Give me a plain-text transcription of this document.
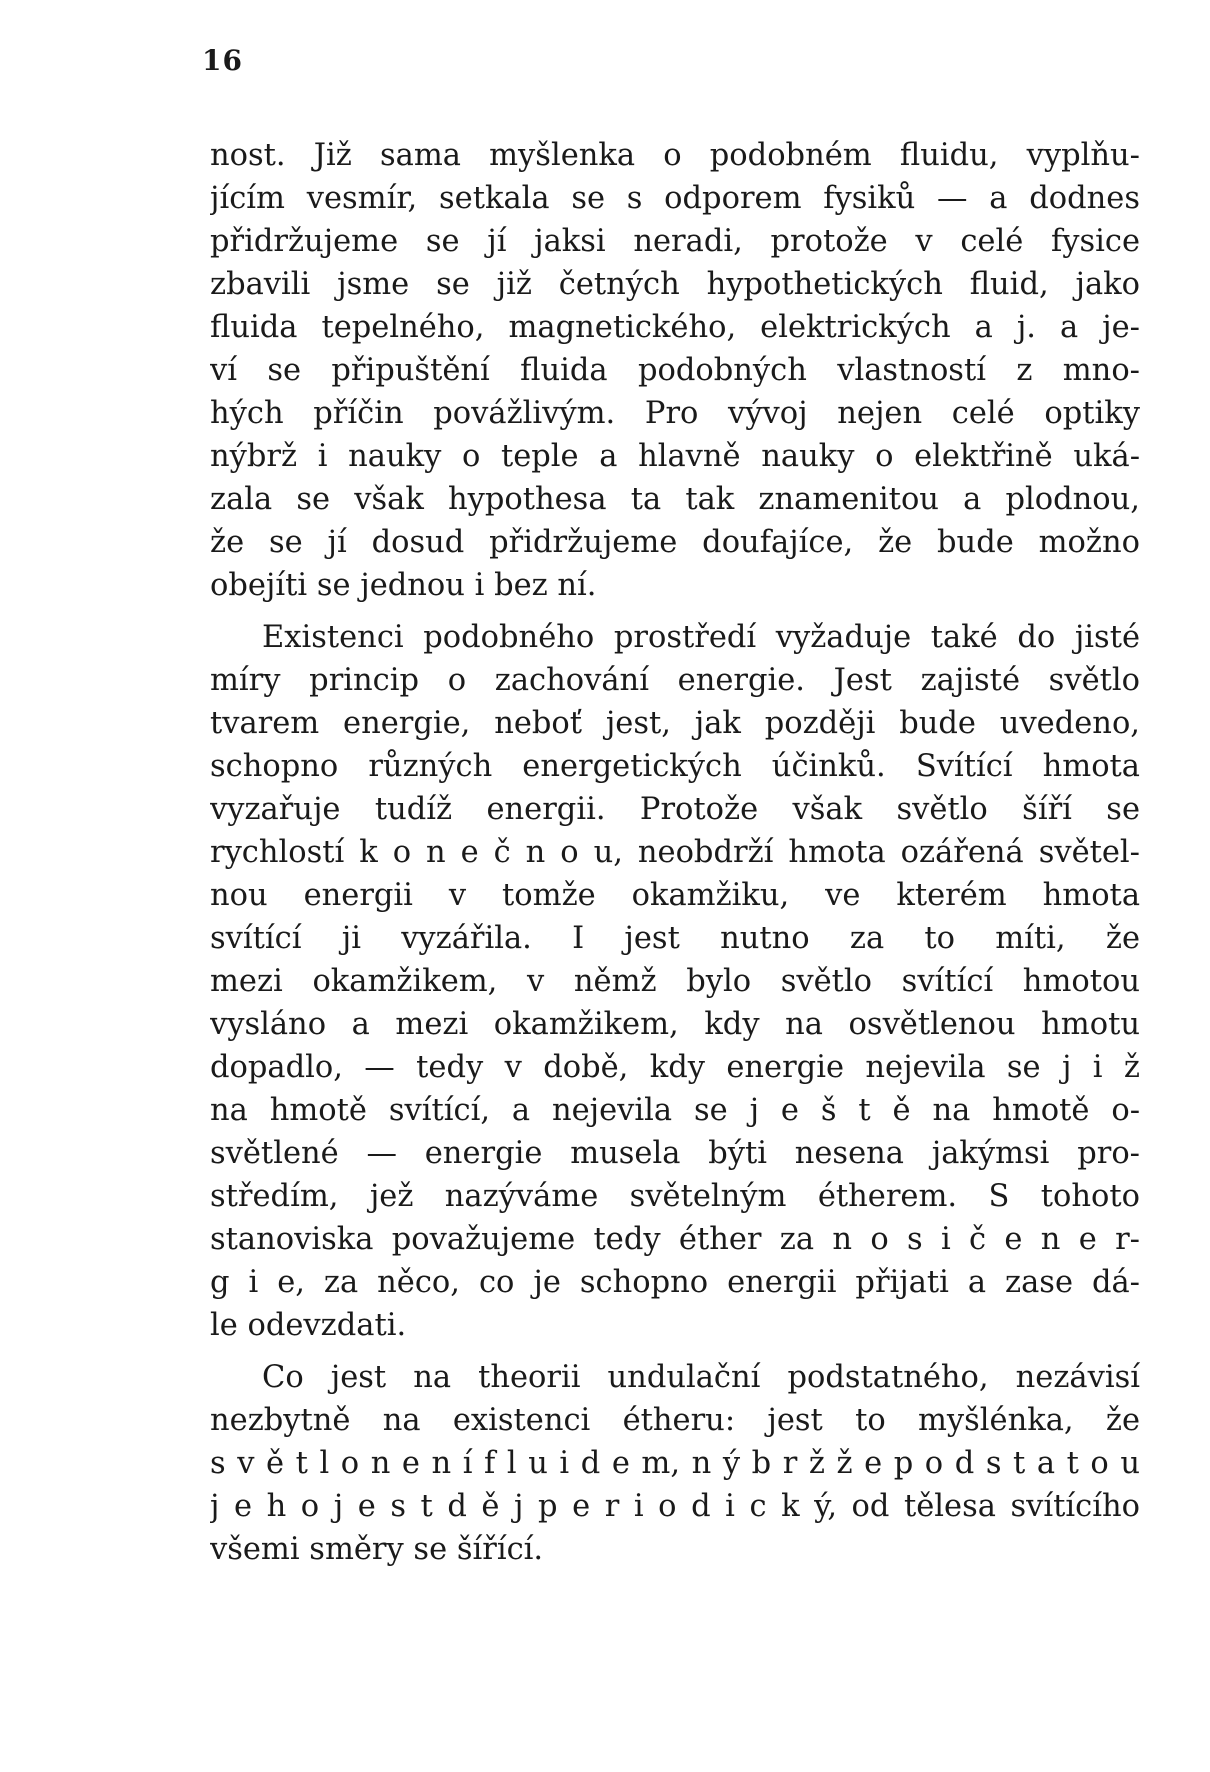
16
nost. Již sama myšlenka o podobném fluidu, vyplňu-
jícím vesmír, setkala se s odporem fysiků — a dodnes
přidržujeme se jí jaksi neradi, protože v celé fysice
zbavili jsme se již četných hypothetických fluid, jako
fluida tepelného, magnetického, elektrických a j. a je-
ví se připuštění fluida podobných vlastností z mno-
hých příčin povážlivým. Pro vývoj nejen celé optiky
nýbrž i nauky o teple a hlavně nauky o elektřině uká-
zala se však hypothesa ta tak znamenitou a plodnou,
že se jí dosud přidržujeme doufajíce, že bude možno
obejíti se jednou i bez ní.
Existenci podobného prostředí vyžaduje také do jisté
míry princip o zachování energie. Jest zajisté světlo
tvarem energie, neboť jest, jak později bude uvedeno,
schopno různých energetických účinků. Svítící hmota
vyzařuje tudíž energii. Protože však světlo šíří se
rychlostí k o n e č n o u, neobdrží hmota ozářená světel-
nou energii v tomže okamžiku, ve kterém hmota
svítící ji vyzářila. I jest nutno za to míti, že
mezi okamžikem, v němž bylo světlo svítící hmotou
vysláno a mezi okamžikem, kdy na osvětlenou hmotu
dopadlo, — tedy v době, kdy energie nejevila se j i ž
na hmotě svítící, a nejevila se j e š t ě na hmotě o-
světlené — energie musela býti nesena jakýmsi pro-
středím, jež nazýváme světelným étherem. S tohoto
stanoviska považujeme tedy éther za n o s i č e n e r-
g i e, za něco, co je schopno energii přijati a zase dá-
le odevzdati.
Co jest na theorii undulační podstatného, nezávisí
nezbytně na existenci étheru: jest to myšlénka, že
s v ě t l o n e n í f l u i d e m, n ý b r ž ž e p o d s t a t o u
j e h o j e s t d ě j p e r i o d i c k ý, od tělesa svítícího
všemi směry se šířící.
